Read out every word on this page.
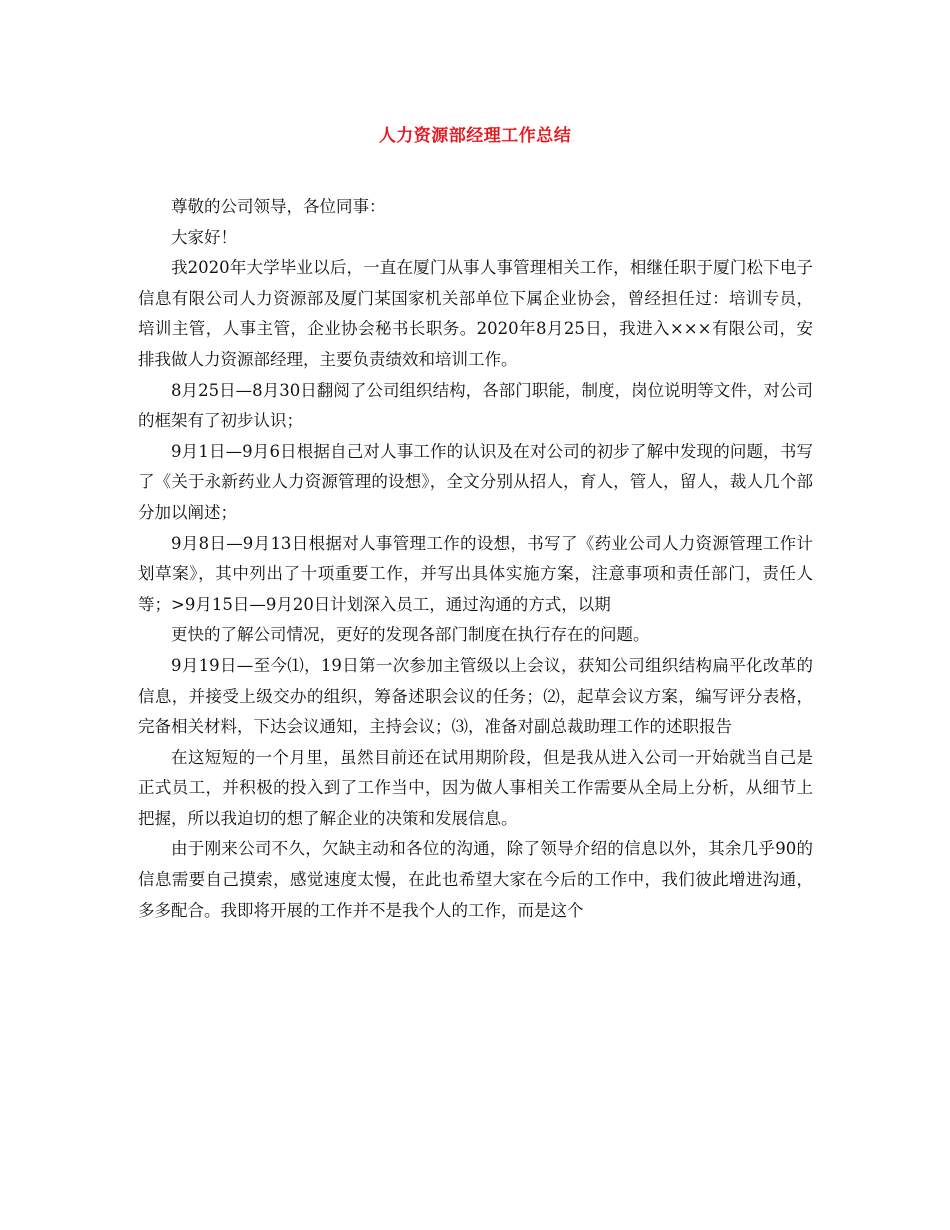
人力资源部经理工作总结

尊敬的公司领导，各位同事：

大家好！

我2020年大学毕业以后，一直在厦门从事人事管理相关工作，相继任职于厦门松下电子信息有限公司人力资源部及厦门某国家机关部单位下属企业协会，曾经担任过：培训专员，培训主管，人事主管，企业协会秘书长职务。2020年8月25日，我进入×××有限公司，安排我做人力资源部经理，主要负责绩效和培训工作。

8月25日—8月30日翻阅了公司组织结构，各部门职能，制度，岗位说明等文件，对公司的框架有了初步认识；

9月1日—9月6日根据自己对人事工作的认识及在对公司的初步了解中发现的问题，书写了《关于永新药业人力资源管理的设想》，全文分别从招人，育人，管人，留人，裁人几个部分加以阐述；

9月8日—9月13日根据对人事管理工作的设想，书写了《药业公司人力资源管理工作计划草案》，其中列出了十项重要工作，并写出具体实施方案，注意事项和责任部门，责任人等；>9月15日—9月20日计划深入员工，通过沟通的方式，以期

更快的了解公司情况，更好的发现各部门制度在执行存在的问题。

9月19日—至今⑴，19日第一次参加主管级以上会议，获知公司组织结构扁平化改革的信息，并接受上级交办的组织，筹备述职会议的任务；⑵，起草会议方案，编写评分表格，完备相关材料，下达会议通知，主持会议；⑶，准备对副总裁助理工作的述职报告

在这短短的一个月里，虽然目前还在试用期阶段，但是我从进入公司一开始就当自己是正式员工，并积极的投入到了工作当中，因为做人事相关工作需要从全局上分析，从细节上把握，所以我迫切的想了解企业的决策和发展信息。

由于刚来公司不久，欠缺主动和各位的沟通，除了领导介绍的信息以外，其余几乎90的信息需要自己摸索，感觉速度太慢，在此也希望大家在今后的工作中，我们彼此增进沟通，多多配合。我即将开展的工作并不是我个人的工作，而是这个
